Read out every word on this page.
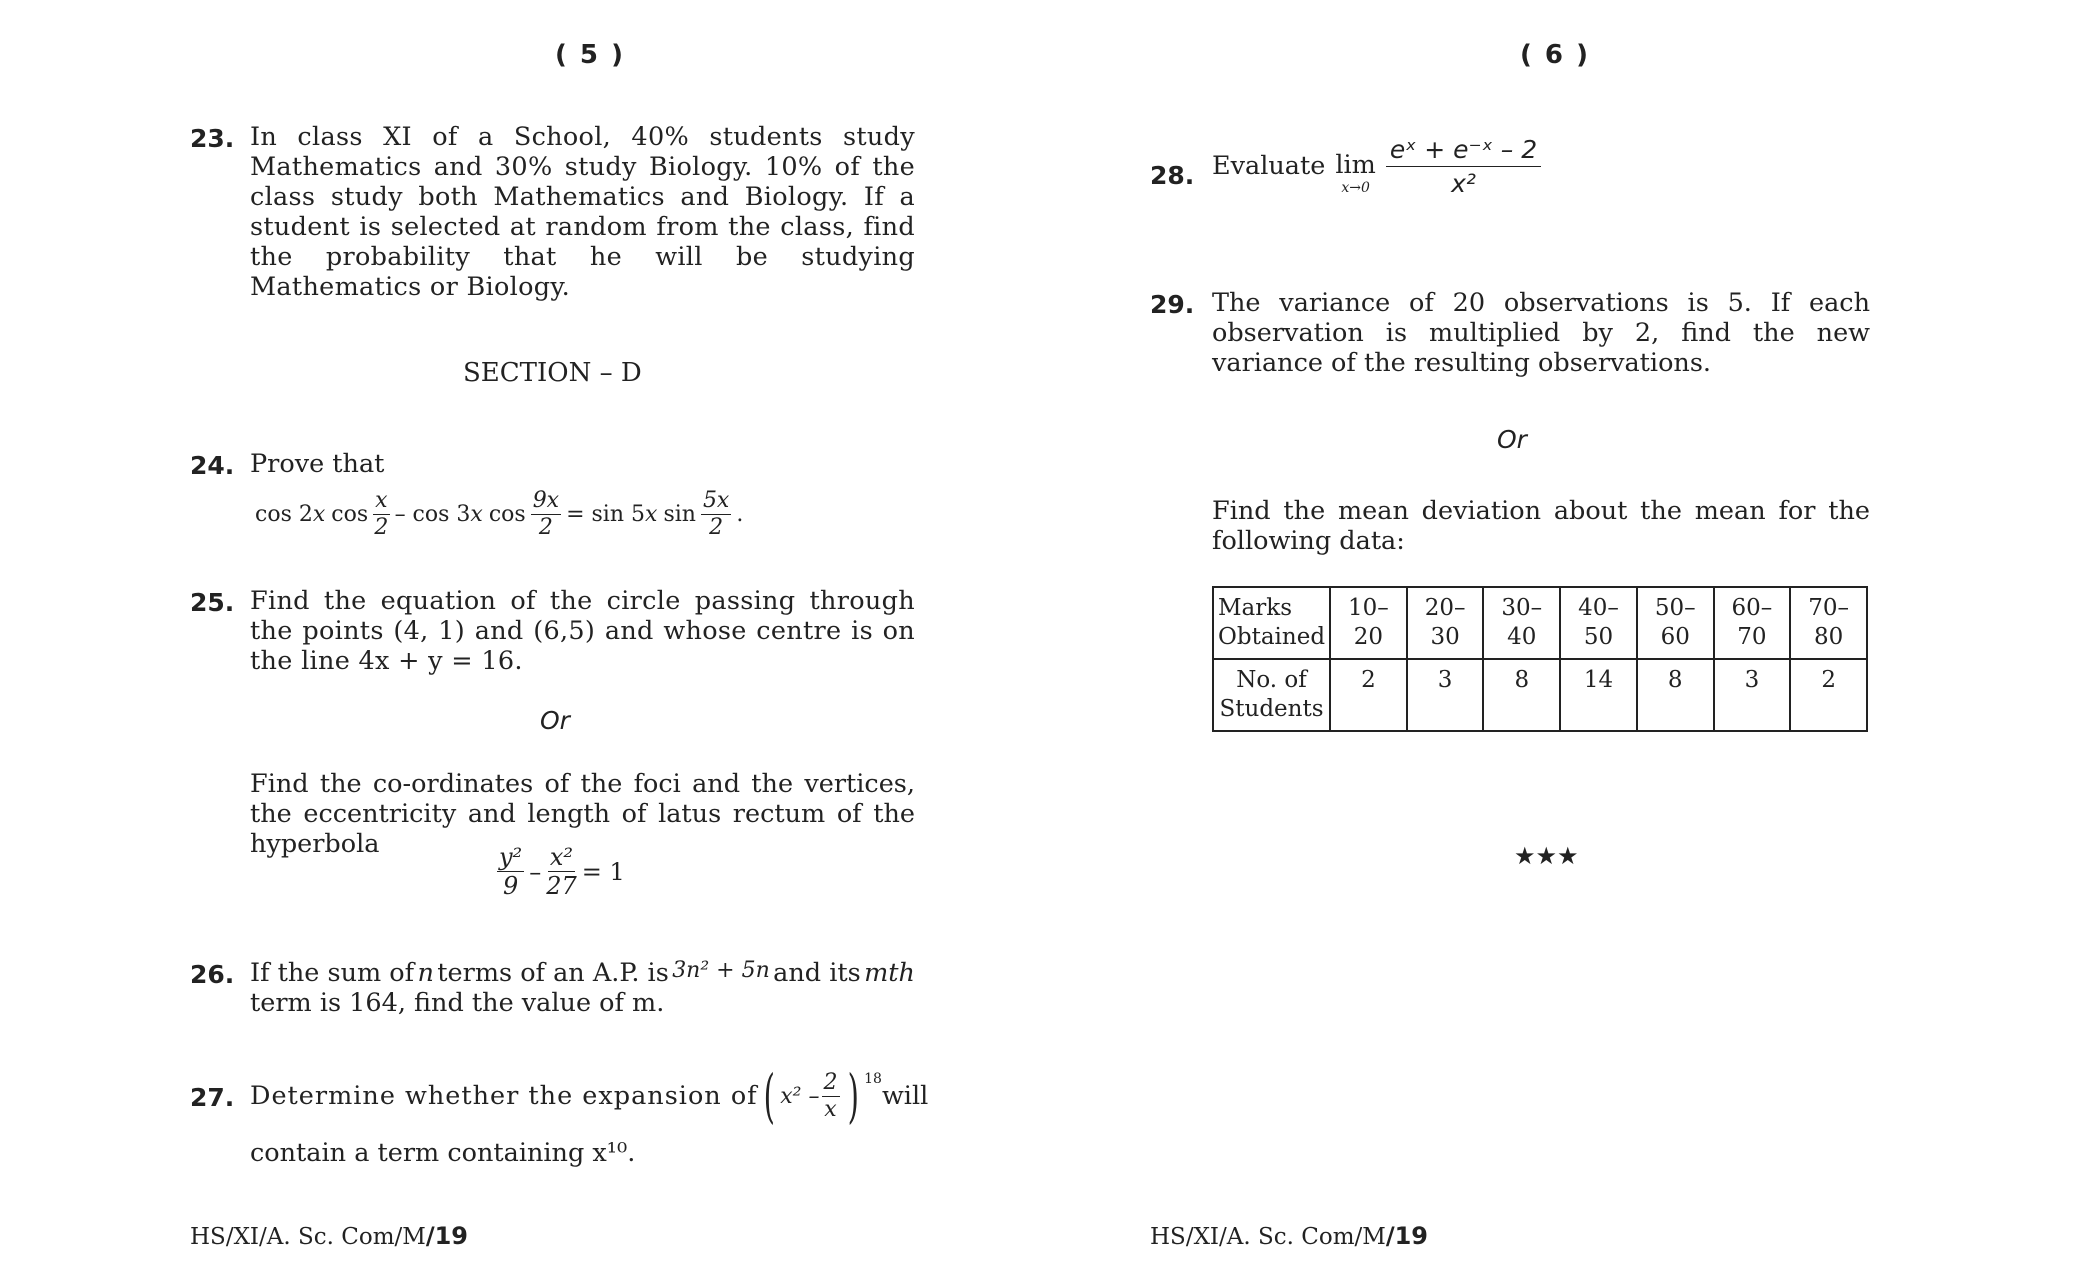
( 5 )
23. In class XI of a School, 40% students study Mathematics and 30% study Biology. 10% of the class study both Mathematics and Biology. If a student is selected at random from the class, find the probability that he will be studying Mathematics or Biology.
SECTION – D
24. Prove that
cos 2x $\cos \frac{x}{2}$ – cos 3x $\cos \frac{9x}{2} = \sin 5x$ $\sin \frac{5x}{2}$ .
25. Find the equation of the circle passing through the points (4, 1) and (6,5) and whose centre is on the line 4x + y = 16.
Or
Find the co-ordinates of the foci and the vertices, the eccentricity and length of latus rectum of the hyperbola
$\frac{\text{y²}}{9} - \frac{\text{x²}}{27} = 1$
26. If the sum of n terms of an A.P. is 3n² + 5n and its mth
term is 164, find the value of m.
27. Determine whether the expansion of ( $x^2 - \frac{2}{x}$ ) 18
will
contain a term containing x¹⁰.
HS/XI/A. Sc. Com/M/19
( 6 )
28. Evaluate lim
$x\to 0 \frac{\text{eˣ + e⁻ˣ – 2}}{\text{x²}}$
29. The variance of 20 observations is 5. If each observation is multiplied by 2, find the new variance of the resulting observations.
Or
Find the mean deviation about the mean for the following data:
Marks Obtained	10–20	20–30	30–40	40–50	50–60	60–70	70–80
No. of Students	2	3	8	14	8	3	2
★★★
HS/XI/A. Sc. Com/M/19
